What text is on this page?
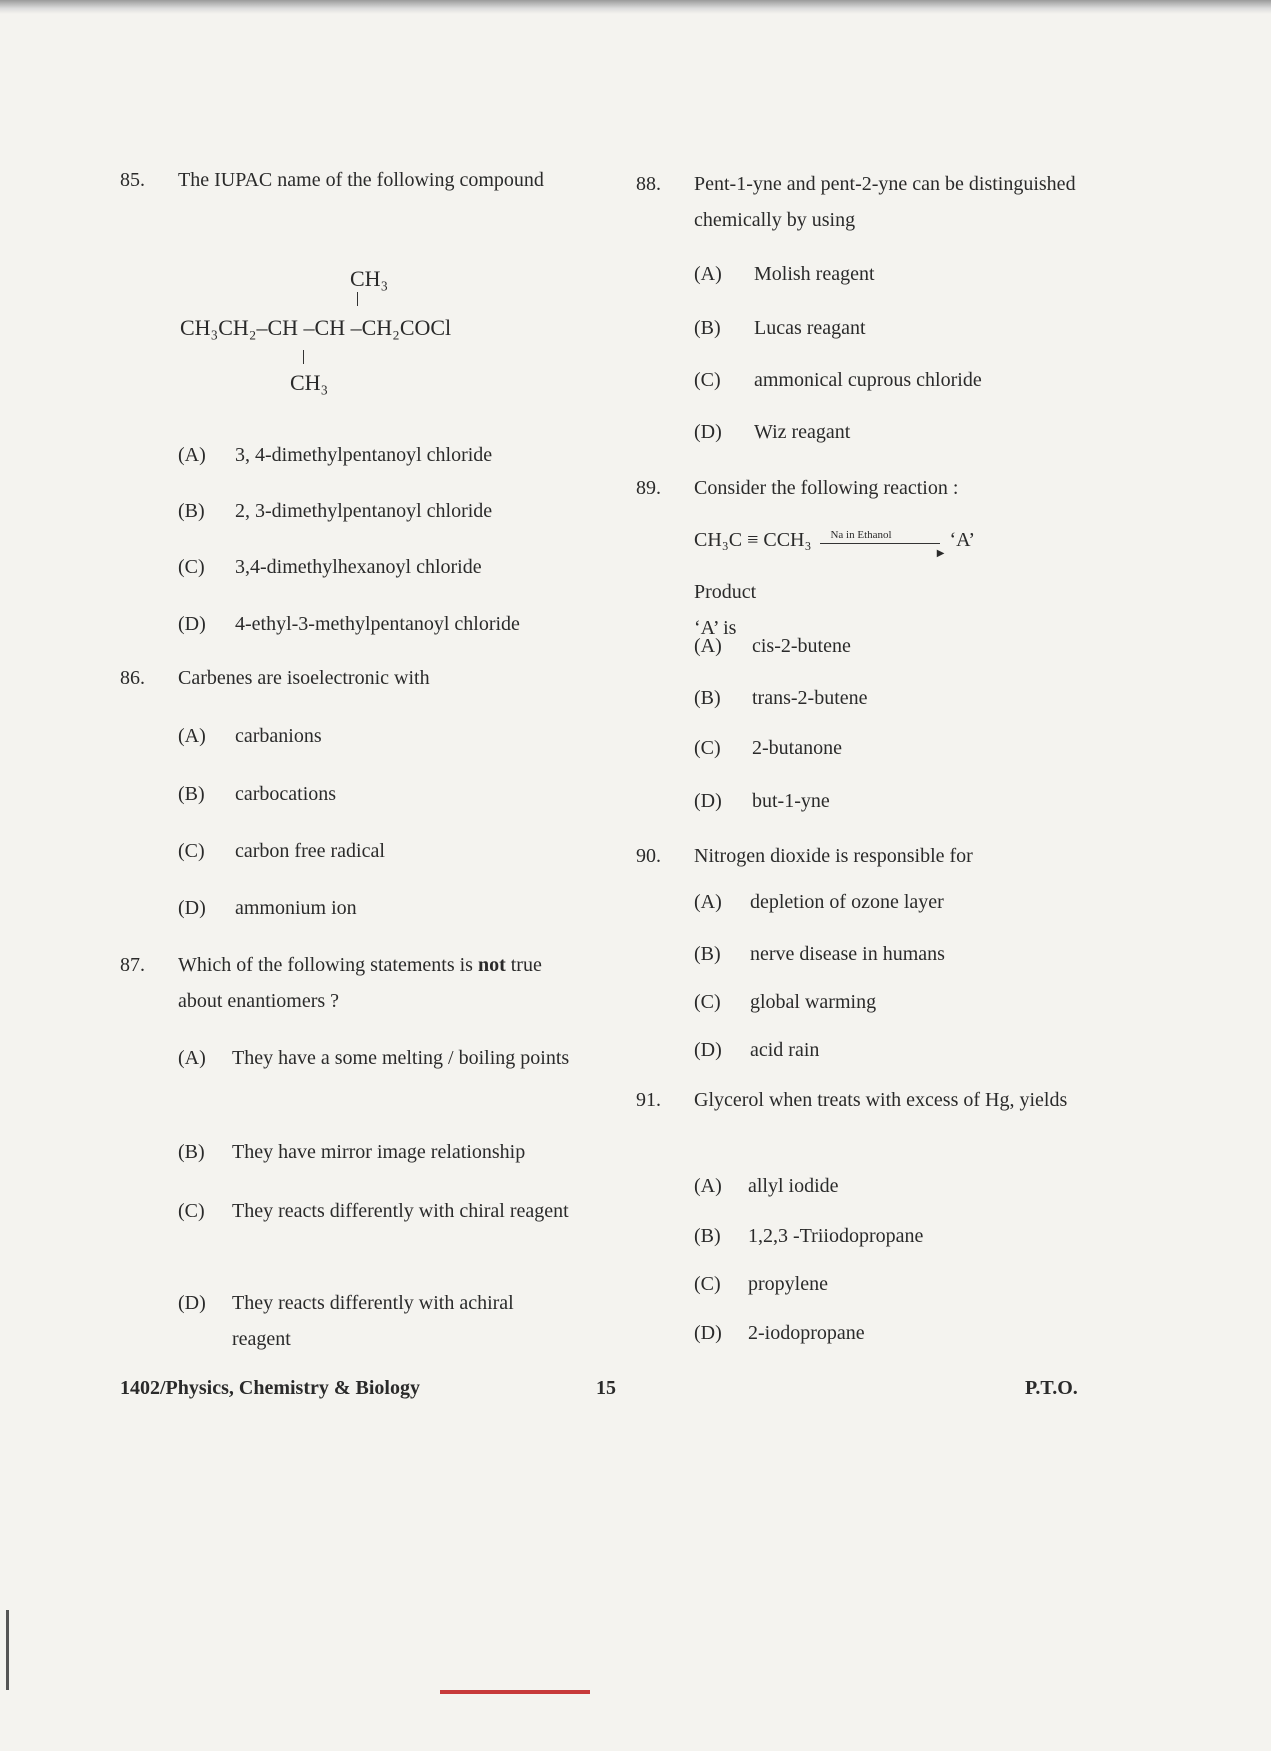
85.	The IUPAC name of the following compound
CH₃
CH₃CH₂–CH –CH –CH₂COCl
CH₃
(A)	3, 4-dimethylpentanoyl chloride
(B)	2, 3-dimethylpentanoyl chloride
(C)	3,4-dimethylhexanoyl chloride
(D)	4-ethyl-3-methylpentanoyl chloride
86.	Carbenes are isoelectronic with
(A)	carbanions
(B)	carbocations
(C)	carbon free radical
(D)	ammonium ion
87.	Which of the following statements is not true about enantiomers ?
(A)	They have a some melting / boiling points
(B)	They have mirror image relationship
(C)	They reacts differently with chiral reagent
(D)	They reacts differently with achiral reagent
88.	Pent-1-yne and pent-2-yne can be distinguished chemically by using
(A)	Molish reagent
(B)	Lucas reagant
(C)	ammonical cuprous chloride
(D)	Wiz reagant
89.	Consider the following reaction :
CH₃C ≡ CCH₃ Na in Ethanol
▶
‘A’
Product ‘A’ is
(A)	cis-2-butene
(B)	trans-2-butene
(C)	2-butanone
(D)	but-1-yne
90.	Nitrogen dioxide is responsible for
(A)	depletion of ozone layer
(B)	nerve disease in humans
(C)	global warming
(D)	acid rain
91.	Glycerol when treats with excess of Hg, yields
(A)	allyl iodide
(B)	1,2,3 -Triiodopropane
(C)	propylene
(D)	2-iodopropane
1402/Physics, Chemistry & Biology	15	P.T.O.
